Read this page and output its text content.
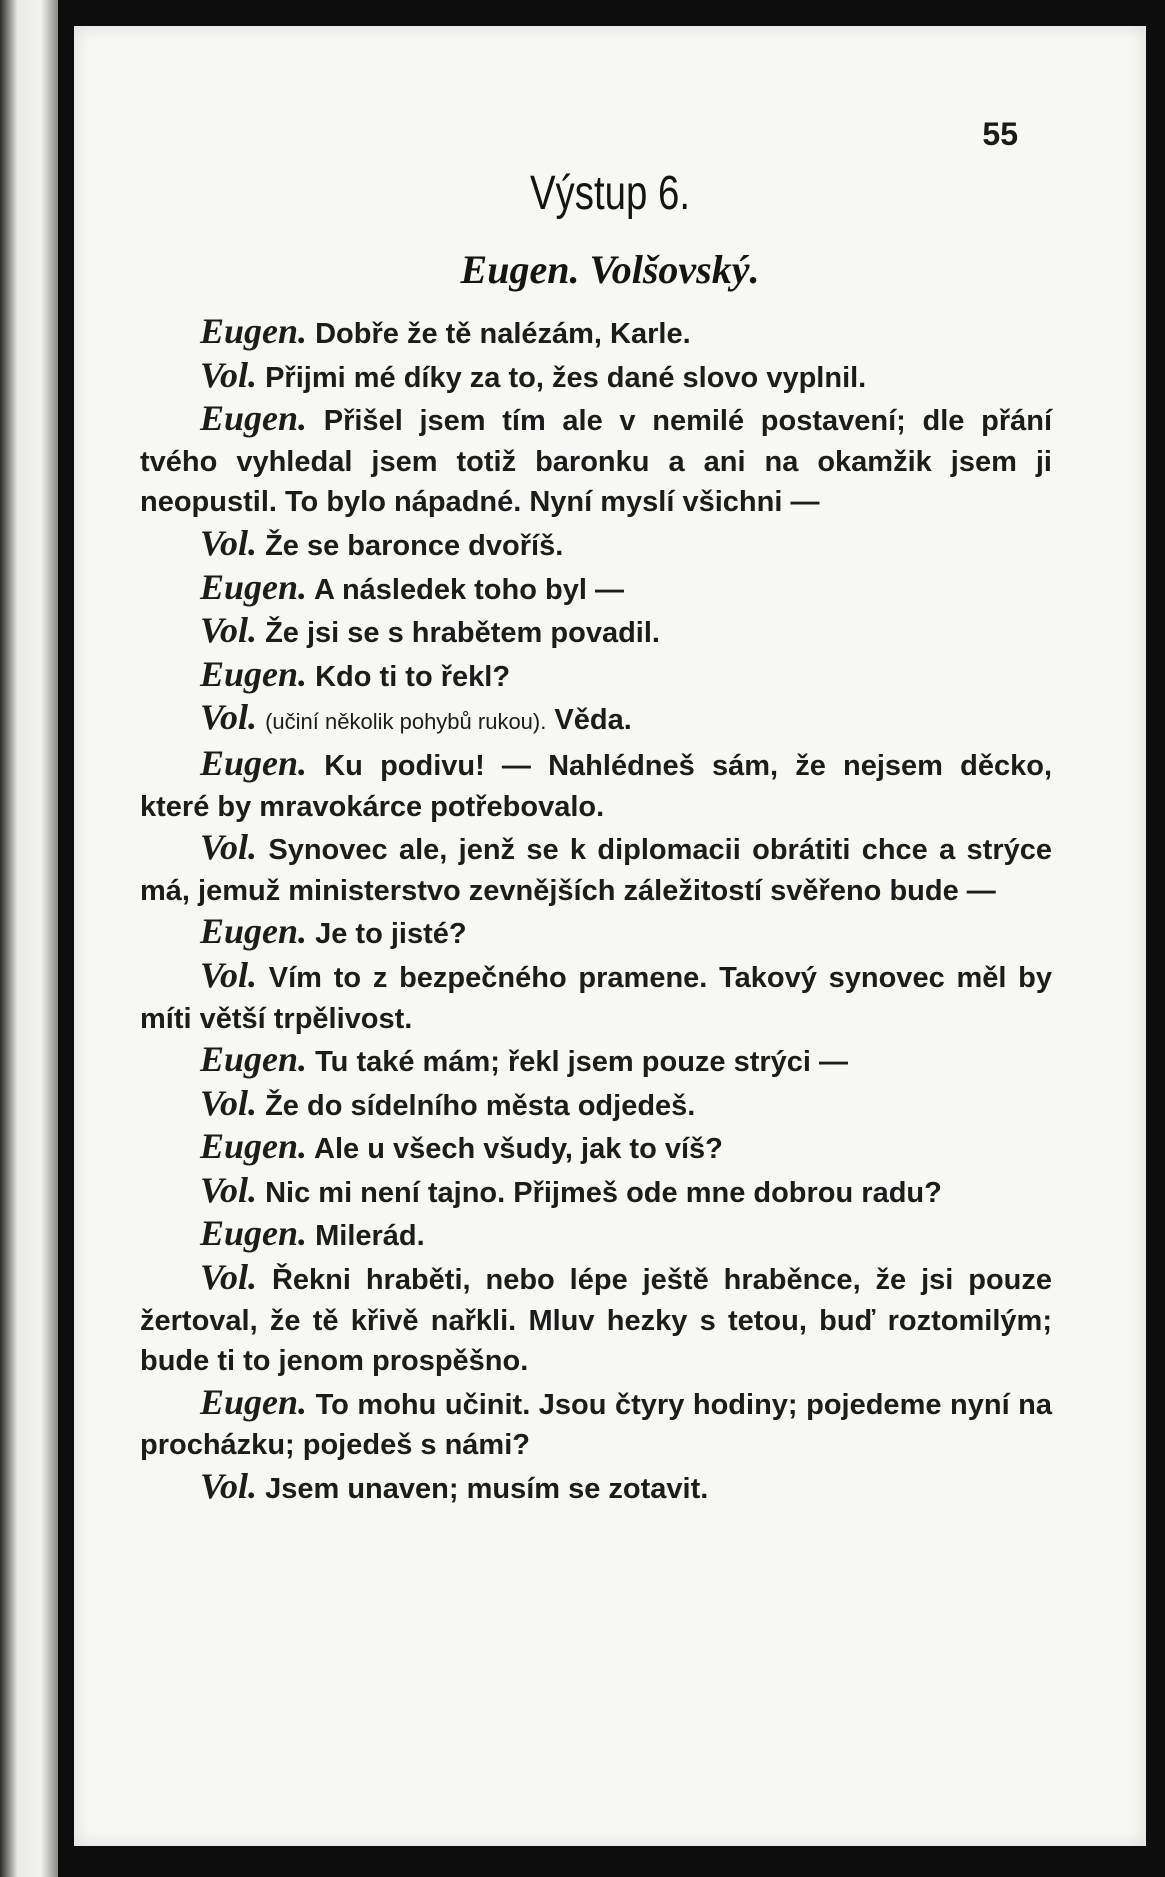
55
Výstup 6.
Eugen. Volšovský.

Eugen. Dobře že tě nalézám, Karle.

Vol. Přijmi mé díky za to, žes dané slovo vyplnil.

Eugen. Přišel jsem tím ale v nemilé postavení; dle přání tvého vyhledal jsem totiž baronku a ani na okamžik jsem ji neopustil. To bylo nápadné. Nyní myslí všichni —

Vol. Že se baronce dvoříš.

Eugen. A následek toho byl —

Vol. Že jsi se s hrabětem povadil.

Eugen. Kdo ti to řekl?

Vol. (učiní několik pohybů rukou). Věda.

Eugen. Ku podivu! — Nahlédneš sám, že nejsem děcko, které by mravokárce potřebovalo.

Vol. Synovec ale, jenž se k diplomacii obrátiti chce a strýce má, jemuž ministerstvo zevnějších záležitostí svěřeno bude —

Eugen. Je to jisté?

Vol. Vím to z bezpečného pramene. Takový synovec měl by míti větší trpělivost.

Eugen. Tu také mám; řekl jsem pouze strýci —

Vol. Že do sídelního města odjedeš.

Eugen. Ale u všech všudy, jak to víš?

Vol. Nic mi není tajno. Přijmeš ode mne dobrou radu?

Eugen. Milerád.

Vol. Řekni hraběti, nebo lépe ještě hraběnce, že jsi pouze žertoval, že tě křivě nařkli. Mluv hezky s tetou, buď roztomilým; bude ti to jenom prospěšno.

Eugen. To mohu učinit. Jsou čtyry hodiny; pojedeme nyní na procházku; pojedeš s námi?

Vol. Jsem unaven; musím se zotavit.
